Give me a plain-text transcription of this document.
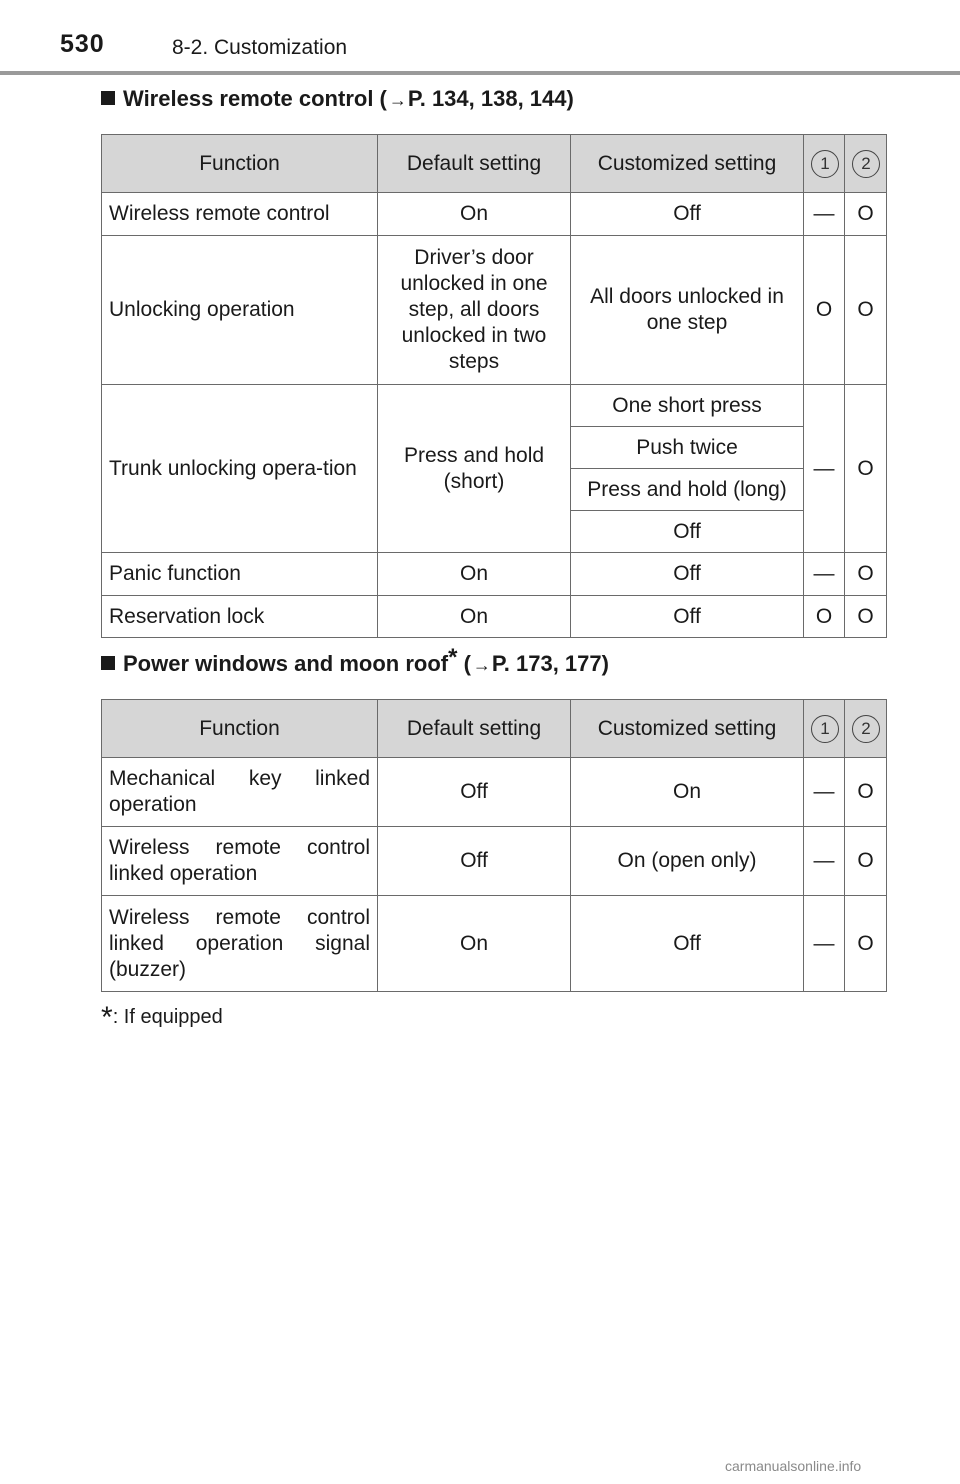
530	8-2. Customization
Wireless remote control ( →P. 134, 138, 144)
Function	Default setting	Customized setting	1	2
Wireless remote control	On	Off	—	O
Unlocking operation	Driver’s door unlocked in one step, all doors unlocked in two steps	All doors unlocked in one step	O	O
Trunk unlocking opera-tion	Press and hold (short)	One short press	—	O
		Push twice		
		Press and hold (long)		
		Off		
Panic function	On	Off	—	O
Reservation lock	On	Off	O	O
Power windows and moon roof* ( →P. 173, 177)
Function	Default setting	Customized setting	1	2
Mechanical key linked operation	Off	On	—	O
Wireless remote control linked operation	Off	On (open only)	—	O
Wireless remote control linked operation signal (buzzer)	On	Off	—	O
*: If equipped
carmanualsonline.info
